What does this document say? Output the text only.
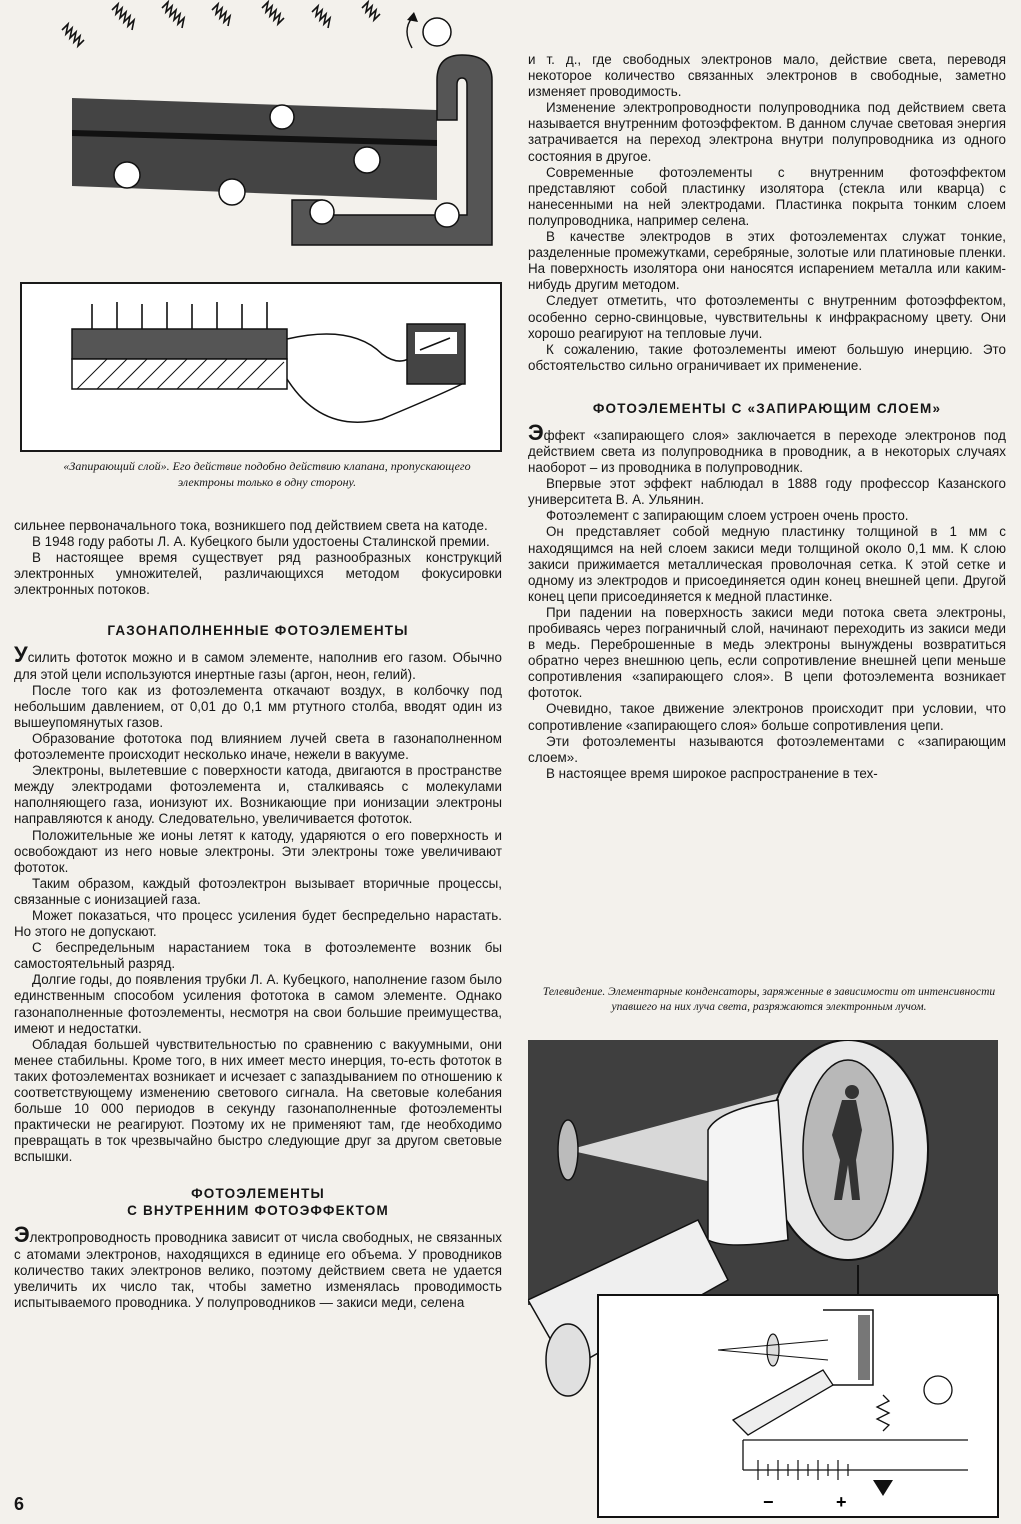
«Запирающий слой». Его действие подобно действию клапана, пропускающего электроны только в одну сторону.

сильнее первоначального тока, возникшего под действием света на катоде.

В 1948 году работы Л. А. Кубецкого были удостоены Сталинской премии.

В настоящее время существует ряд разнообразных конструкций электронных умножителей, различающихся методом фокусировки электронных потоков.

ГАЗОНАПОЛНЕННЫЕ ФОТОЭЛЕМЕНТЫ

Усилить фототок можно и в самом элементе, наполнив его газом. Обычно для этой цели используются инертные газы (аргон, неон, гелий).

После того как из фотоэлемента откачают воздух, в колбочку под небольшим давлением, от 0,01 до 0,1 мм ртутного столба, вводят один из вышеупомянутых газов.

Образование фототока под влиянием лучей света в газонаполненном фотоэлементе происходит несколько иначе, нежели в вакууме.

Электроны, вылетевшие с поверхности катода, двигаются в пространстве между электродами фотоэлемента и, сталкиваясь с молекулами наполняющего газа, ионизуют их. Возникающие при ионизации электроны направляются к аноду. Следовательно, увеличивается фототок.

Положительные же ионы летят к катоду, ударяются о его поверхность и освобождают из него новые электроны. Эти электроны тоже увеличивают фототок.

Таким образом, каждый фотоэлектрон вызывает вторичные процессы, связанные с ионизацией газа.

Может показаться, что процесс усиления будет беспредельно нарастать. Но этого не допускают.

С беспредельным нарастанием тока в фотоэлементе возник бы самостоятельный разряд.

Долгие годы, до появления трубки Л. А. Кубецкого, наполнение газом было единственным способом усиления фототока в самом элементе. Однако газонаполненные фотоэлементы, несмотря на свои большие преимущества, имеют и недостатки.

Обладая большей чувствительностью по сравнению с вакуумными, они менее стабильны. Кроме того, в них имеет место инерция, то-есть фототок в таких фотоэлементах возникает и исчезает с запаздыванием по отношению к соответствующему изменению светового сигнала. На световые колебания больше 10 000 периодов в секунду газонаполненные фотоэлементы практически не реагируют. Поэтому их не применяют там, где необходимо превращать в ток чрезвычайно быстро следующие друг за другом световые вспышки.

ФОТОЭЛЕМЕНТЫ
С ВНУТРЕННИМ ФОТОЭФФЕКТОМ

Электропроводность проводника зависит от числа свободных, не связанных с атомами электронов, находящихся в единице его объема. У проводников количество таких электронов велико, поэтому действием света не удается увеличить их число так, чтобы заметно изменялась проводимость испытываемого проводника. У полупроводников — закиси меди, селена

и т. д., где свободных электронов мало, действие света, переводя некоторое количество связанных электронов в свободные, заметно изменяет проводимость.

Изменение электропроводности полупроводника под действием света называется внутренним фотоэффектом. В данном случае световая энергия затрачивается на переход электрона внутри полупроводника из одного состояния в другое.

Современные фотоэлементы с внутренним фотоэффектом представляют собой пластинку изолятора (стекла или кварца) с нанесенными на ней электродами. Пластинка покрыта тонким слоем полупроводника, например селена.

В качестве электродов в этих фотоэлементах служат тонкие, разделенные промежутками, серебряные, золотые или платиновые пленки. На поверхность изолятора они наносятся испарением металла или каким-нибудь другим методом.

Следует отметить, что фотоэлементы с внутренним фотоэффектом, особенно серно-свинцовые, чувствительны к инфракрасному цвету. Они хорошо реагируют на тепловые лучи.

К сожалению, такие фотоэлементы имеют большую инерцию. Это обстоятельство сильно ограничивает их применение.

ФОТОЭЛЕМЕНТЫ С «ЗАПИРАЮЩИМ СЛОЕМ»

Эффект «запирающего слоя» заключается в переходе электронов под действием света из полупроводника в проводник, а в некоторых случаях наоборот – из проводника в полупроводник.

Впервые этот эффект наблюдал в 1888 году профессор Казанского университета В. А. Ульянин.

Фотоэлемент с запирающим слоем устроен очень просто.

Он представляет собой медную пластинку толщиной в 1 мм с находящимся на ней слоем закиси меди толщиной около 0,1 мм. К слою закиси прижимается металлическая проволочная сетка. К этой сетке и одному из электродов и присоединяется один конец внешней цепи. Другой конец цепи присоединяется к медной пластинке.

При падении на поверхность закиси меди потока света электроны, пробиваясь через пограничный слой, начинают переходить из закиси меди в медь. Переброшенные в медь электроны вынуждены возвратиться обратно через внешнюю цепь, если сопротивление внешней цепи меньше сопротивления «запирающего слоя». В цепи фотоэлемента возникает фототок.

Очевидно, такое движение электронов происходит при условии, что сопротивление «запирающего слоя» больше сопротивления цепи.

Эти фотоэлементы называются фотоэлементами с «запирающим слоем».

В настоящее время широкое распространение в тех-

Телевидение. Элементарные конденсаторы, заряженные в зависимости от интенсивности упавшего на них луча света, разряжаются электронным лучом.
−	+
6
